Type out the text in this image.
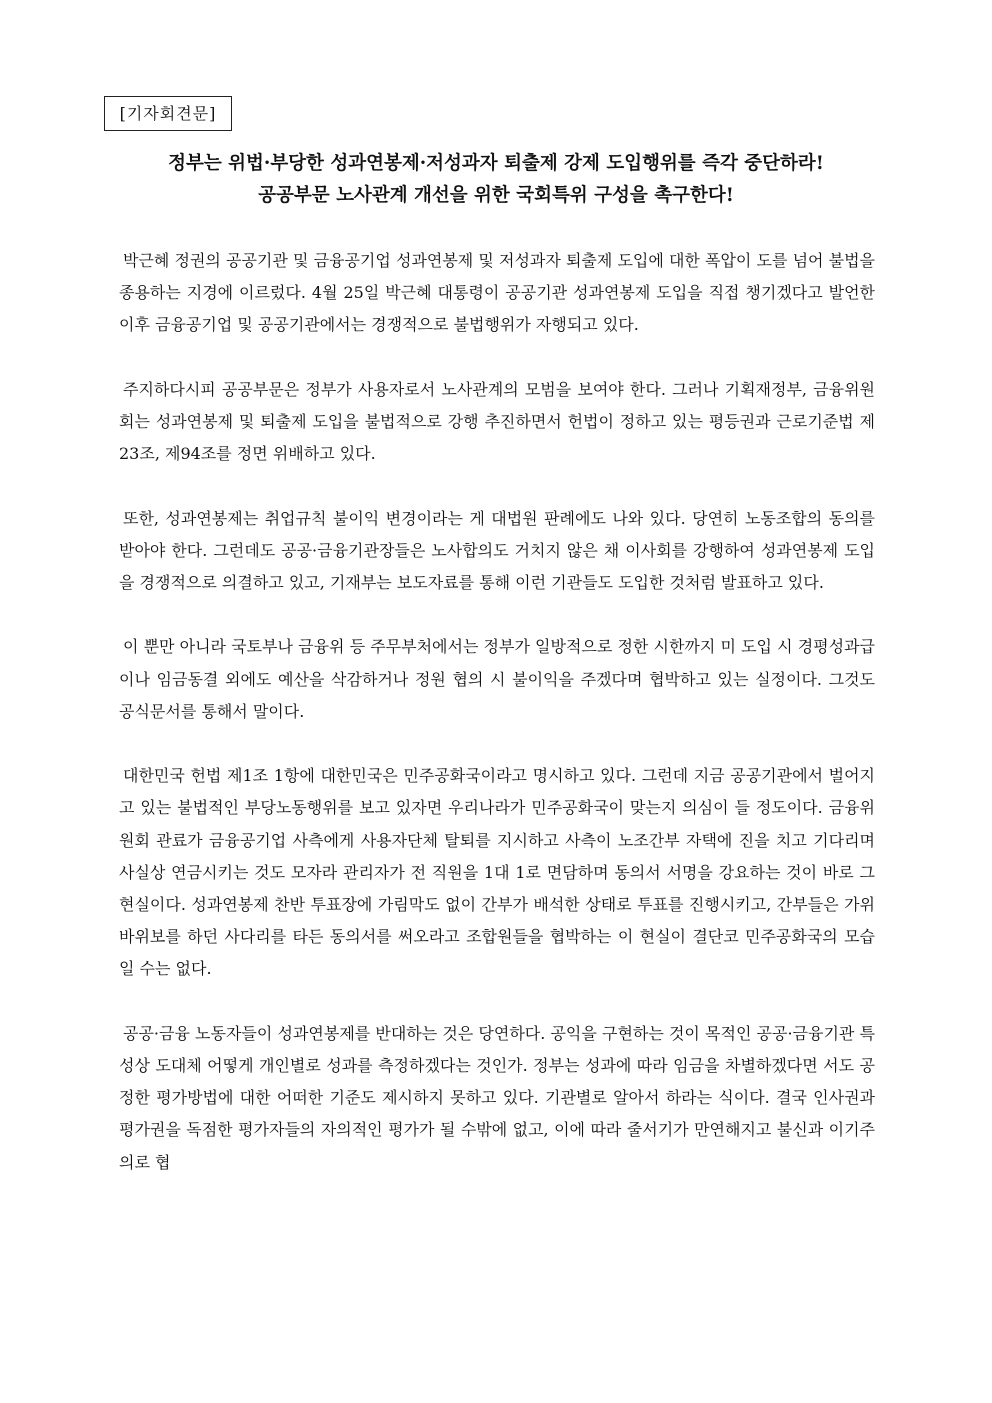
[기자회견문]
정부는 위법·부당한 성과연봉제·저성과자 퇴출제 강제 도입행위를 즉각 중단하라!
공공부문 노사관계 개선을 위한 국회특위 구성을 촉구한다!

박근혜 정권의 공공기관 및 금융공기업 성과연봉제 및 저성과자 퇴출제 도입에 대한 폭압이 도를 넘어 불법을 종용하는 지경에 이르렀다. 4월 25일 박근혜 대통령이 공공기관 성과연봉제 도입을 직접 챙기겠다고 발언한 이후 금융공기업 및 공공기관에서는 경쟁적으로 불법행위가 자행되고 있다.

주지하다시피 공공부문은 정부가 사용자로서 노사관계의 모범을 보여야 한다. 그러나 기획재정부, 금융위원회는 성과연봉제 및 퇴출제 도입을 불법적으로 강행 추진하면서 헌법이 정하고 있는 평등권과 근로기준법 제23조, 제94조를 정면 위배하고 있다.

또한, 성과연봉제는 취업규칙 불이익 변경이라는 게 대법원 판례에도 나와 있다. 당연히 노동조합의 동의를 받아야 한다. 그런데도 공공·금융기관장들은 노사합의도 거치지 않은 채 이사회를 강행하여 성과연봉제 도입을 경쟁적으로 의결하고 있고, 기재부는 보도자료를 통해 이런 기관들도 도입한 것처럼 발표하고 있다.

이 뿐만 아니라 국토부나 금융위 등 주무부처에서는 정부가 일방적으로 정한 시한까지 미 도입 시 경평성과급이나 임금동결 외에도 예산을 삭감하거나 정원 협의 시 불이익을 주겠다며 협박하고 있는 실정이다. 그것도 공식문서를 통해서 말이다.

대한민국 헌법 제1조 1항에 대한민국은 민주공화국이라고 명시하고 있다. 그런데 지금 공공기관에서 벌어지고 있는 불법적인 부당노동행위를 보고 있자면 우리나라가 민주공화국이 맞는지 의심이 들 정도이다. 금융위원회 관료가 금융공기업 사측에게 사용자단체 탈퇴를 지시하고 사측이 노조간부 자택에 진을 치고 기다리며 사실상 연금시키는 것도 모자라 관리자가 전 직원을 1대 1로 면담하며 동의서 서명을 강요하는 것이 바로 그 현실이다. 성과연봉제 찬반 투표장에 가림막도 없이 간부가 배석한 상태로 투표를 진행시키고, 간부들은 가위바위보를 하던 사다리를 타든 동의서를 써오라고 조합원들을 협박하는 이 현실이 결단코 민주공화국의 모습일 수는 없다.

공공·금융 노동자들이 성과연봉제를 반대하는 것은 당연하다. 공익을 구현하는 것이 목적인 공공·금융기관 특성상 도대체 어떻게 개인별로 성과를 측정하겠다는 것인가. 정부는 성과에 따라 임금을 차별하겠다면 서도 공정한 평가방법에 대한 어떠한 기준도 제시하지 못하고 있다. 기관별로 알아서 하라는 식이다. 결국 인사권과 평가권을 독점한 평가자들의 자의적인 평가가 될 수밖에 없고, 이에 따라 줄서기가 만연해지고 불신과 이기주의로 협
